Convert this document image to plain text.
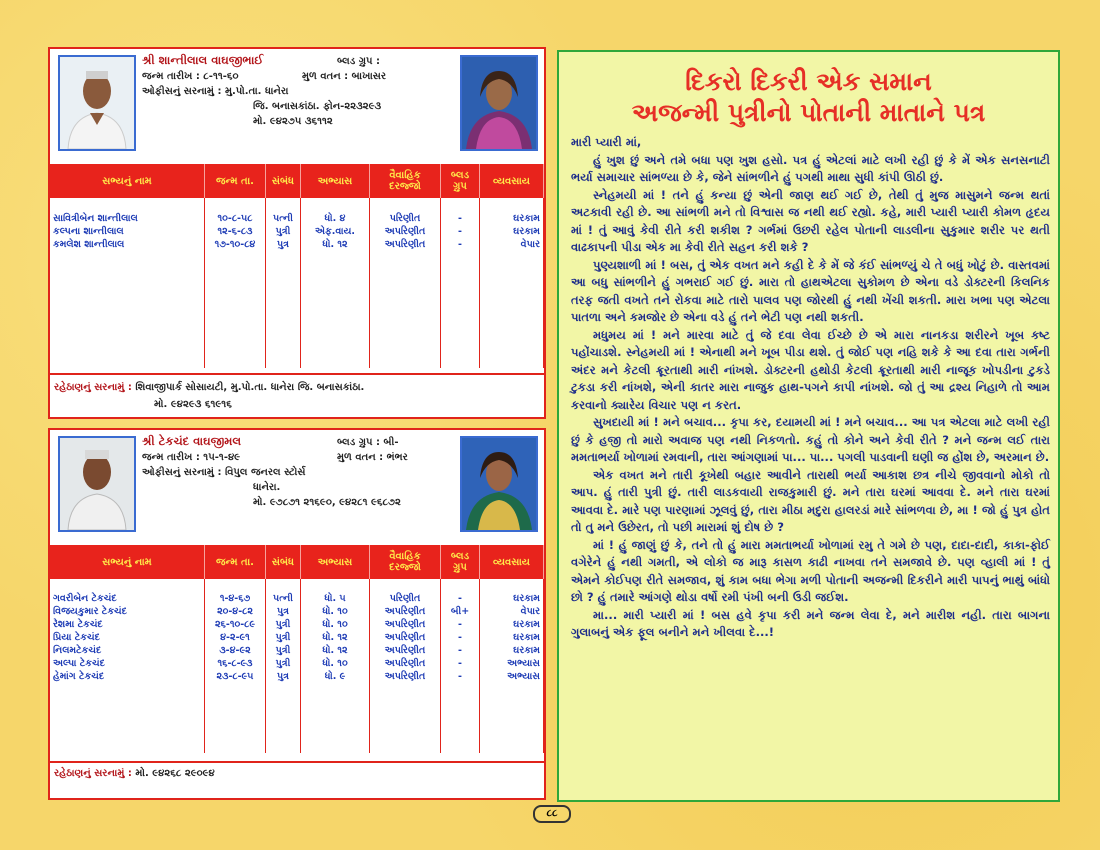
શ્રી શાન્તીલાલ વાઘજીભાઈ	બ્લડ ગ્રુપ :
જન્મ તારીખ : ૮-૧૧-૬૦	મુળ વતન : બાખાસર
ઓફીસનું સરનામું : મુ.પો.તા. ધાનેરા
જિ. બનાસકાંઠા. ફોન-૨૨૩૨૯૩
મો. ૯૪૨૭૫ ૩૬૧૧૨
સભ્યનું નામ	જન્મ તા.	સંબંધ	અભ્યાસ	વૈવાહિક દરજ્જો	બ્લડ ગ્રુપ	વ્યવસાય

સાવિત્રીબેન શાન્તીલાલ	૧૦-૮-૫૮	પત્ની	ધો. ૪	પરિણીત	-	ઘરકામ
કલ્પના શાન્તીલાલ	૧૨-૬-૮૩	પુત્રી	એફ.વાય.	અપરિણીત	-	ઘરકામ
કમલેશ શાન્તીલાલ	૧૭-૧૦-૮૪	પુત્ર	ધો. ૧૨	અપરિણીત	-	વેપાર

રહેઠાણનું સરનામું : શિવાજીપાર્ક સોસાયટી, મુ.પો.તા. ધાનેરા જિ. બનાસકાંઠા.
મો. ૯૪૨૯૩ ૬૧૯૧૬
શ્રી ટેકચંદ વાઘજીમલ	બ્લડ ગ્રુપ : બી-
જન્મ તારીખ : ૧૫-૧-૪૯	મુળ વતન : ભંભર
ઓફીસનું સરનામું : વિપુલ જનરલ સ્ટોર્સ
ધાનેરા.
મો. ૯૭૮૭૧ ૨૧૬૯૦, ૯૪૨૮૧ ૯૬૮૭૨
સભ્યનું નામ	જન્મ તા.	સંબંધ	અભ્યાસ	વૈવાહિક દરજ્જો	બ્લડ ગ્રુપ	વ્યવસાય

ગવરીબેન ટેકચંદ	૧-૪-૬૭	પત્ની	ધો. ૫	પરિણીત	-	ઘરકામ
વિજયકુમાર ટેકચંદ	૨૦-૪-૮૨	પુત્ર	ધો. ૧૦	અપરિણીત	બી+	વેપાર
રેશમા ટેકચંદ	૨૬-૧૦-૮૯	પુત્રી	ધો. ૧૦	અપરિણીત	-	ઘરકામ
પ્રિયા ટેકચંદ	૪-૨-૯૧	પુત્રી	ધો. ૧૨	અપરિણીત	-	ઘરકામ
નિલમટેકચંદ	૩-૪-૯૨	પુત્રી	ધો. ૧૨	અપરિણીત	-	ઘરકામ
અલ્પા ટેકચંદ	૧૬-૮-૯૩	પુત્રી	ધો. ૧૦	અપરિણીત	-	અભ્યાસ
હેમાંગ ટેકચંદ	૨૩-૮-૯૫	પુત્ર	ધો. ૯	અપરિણીત	-	અભ્યાસ

રહેઠાણનું સરનામું : મો. ૯૪૨૬૮ ૨૯૦૯૪
દિકરો દિકરી એક સમાન
અજન્મી પુત્રીનો પોતાની માતાને પત્ર

મારી પ્યારી માં,

હું ખુશ છું અને તમે બધા પણ ખુશ હસો. પત્ર હું એટલાં માટે લખી રહી છું કે મેં એક સનસનાટી ભર્યા સમાચાર સાંભળ્યા છે કે, જેને સાંભળીને હું પગથી માથા સુધી કાંપી ઊઠી છું.

સ્નેહમયી માં ! તને હું કન્યા છું એની જાણ થઈ ગઈ છે, તેથી તું મુજ માસુમને જન્મ થતાં અટકાવી રહી છે. આ સાંભળી મને તો વિશ્વાસ જ નથી થઈ રહ્યો. કહે, મારી પ્યારી પ્યારી કોમળ હૃદય માં ! તું આવું કેવી રીતે કરી શકીશ ? ગર્ભમાં ઉછરી રહેલ પોતાની લાડલીના સુકુમાર શરીર પર થતી વાઢકાપની પીડા એક મા કેવી રીતે સહન કરી શકે ?

પુણ્યશાળી માં ! બસ, તું એક વખત મને કહી દે કે મેં જે કંઈ સાંભળ્યું ચે તે બધું ખોટું છે. વાસ્તવમાં આ બધુ સાંભળીને હું ગભરાઈ ગઈ છું. મારા તો હાથએટલા સુકોમળ છે એના વડે ડોક્ટરની કિલનિક તરફ જતી વખતે તને રોકવા માટે તારો પાલવ પણ જોરથી હું નથી ખેંચી શકતી. મારા ખભા પણ એટલા પાતળા અને કમજોર છે એના વડે હું તને ભેટી પણ નથી શકતી.

મધુમય માં ! મને મારવા માટે તું જે દવા લેવા ઈચ્છે છે એ મારા નાનકડા શરીરને ખૂબ કષ્ટ પહોંચાડશે. સ્નેહમયી માં ! એનાથી મને ખૂબ પીડા થશે. તું જોઈ પણ નહિ શકે કે આ દવા તારા ગર્ભની અંદર મને કેટલી ક્રૂરતાથી મારી નાંખશે. ડોક્ટરની હથોડી કેટલી ક્રૂરતાથી મારી નાજૂક ખોપડીના ટુકડે ટુકડા કરી નાંખશે, એની કાતર મારા નાજુક હાથ-પગને કાપી નાંખશે. જો તું આ દ્રશ્ય નિહાળે તો આમ કરવાનો ક્યારેય વિચાર પણ ન કરત.

સુખદાયી માં ! મને બચાવ... કૃપા કર, દયામયી માં ! મને બચાવ... આ પત્ર એટલા માટે લખી રહી છું કે હજી તો મારો અવાજ પણ નથી નિકળતો. કહું તો કોને અને કેવી રીતે ? મને જન્મ લઈ તારા મમતાભર્યા ખોળામાં રમવાની, તારા આંગણામાં પા... પા... પગલી પાડવાની ઘણી જ હોંશ છે, અરમાન છે.

એક વખત મને તારી કૂખેથી બહાર આવીને તારાથી ભર્યા આકાશ છત્ર નીચે જીવવાનો મોકો તો આપ. હું તારી પુત્રી છું. તારી લાડકવાયી રાજકુમારી છું. મને તારા ઘરમાં આવવા દે. મને તારા ઘરમાં આવવા દે. મારે પણ પારણામાં ઝૂલવું છું, તારા મીઠા મદુરા હાલરડાં મારે સાંભળવા છે, મા ! જો હું પુત્ર હોત તો તુ મને ઉછેરત, તો પછી મારામાં શું દોષ છે ?

માં ! હું જાણું છું કે, તને તો હું મારા મમતાભર્યા ખોળામાં રમુ તે ગમે છે પણ, દાદા-દાદી, કાકા-ફોઈ વગેરેને હું નથી ગમતી, એ લોકો જ મારૂ કાસળ કાઢી નાખવા તને સમજાવે છે. પણ વ્હાલી માં ! તું એમને કોઈપણ રીતે સમજાવ, શું કામ બધા ભેગા મળી પોતાની અજન્મી દિકરીને મારી પાપનું ભાથું બાંધો છો ? હું તમારે આંગણે થોડા વર્ષો રમી પંખી બની ઉડી જઈશ.

મા... મારી પ્યારી માં ! બસ હવે કૃપા કરી મને જન્મ લેવા દે, મને મારીશ નહી. તારા બાગના ગુલાબનું એક ફૂલ બનીને મને ખીલવા દે...!

૮૮
